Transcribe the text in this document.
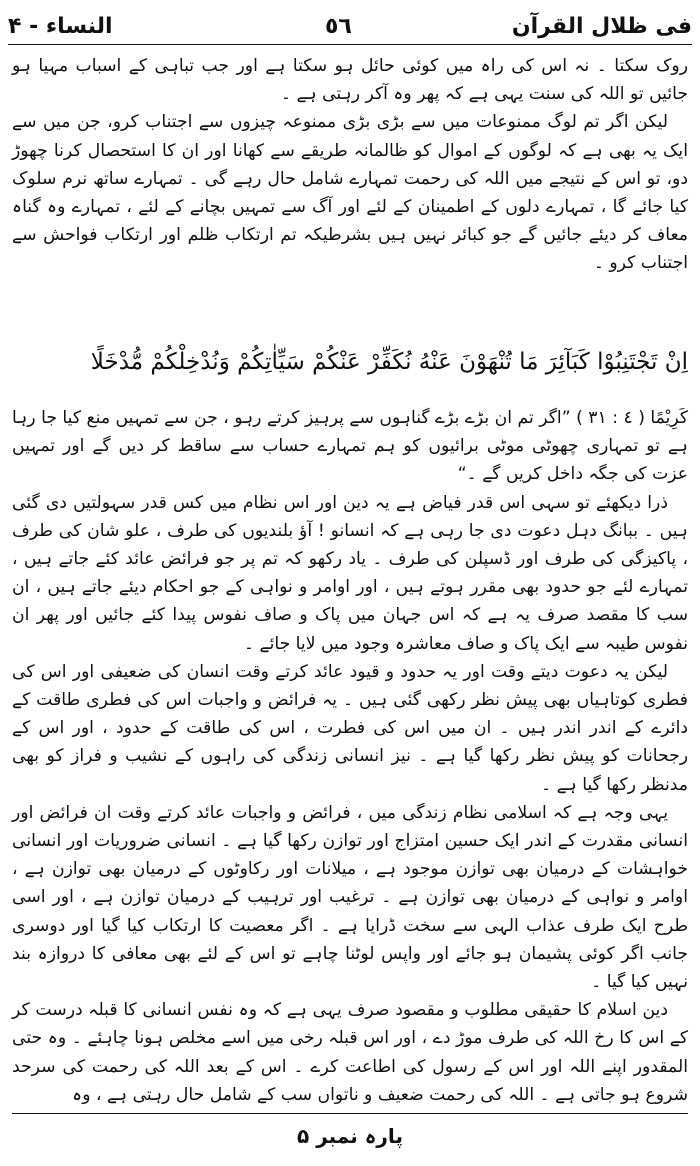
فی ظلال القرآن
٥٦
النساء - ۴

روک سکتا ۔ نہ اس کی راہ میں کوئی حائل ہو سکتا ہے اور جب تباہی کے اسباب مہیا ہو جائیں تو اللہ کی سنت یہی ہے کہ پھر وہ آکر رہتی ہے ۔

لیکن اگر تم لوگ ممنوعات میں سے بڑی بڑی ممنوعہ چیزوں سے اجتناب کرو، جن میں سے ایک یہ بھی ہے کہ لوگوں کے اموال کو ظالمانہ طریقے سے کھانا اور ان کا استحصال کرنا چھوڑ دو، تو اس کے نتیجے میں اللہ کی رحمت تمہارے شامل حال رہے گی ۔ تمہارے ساتھ نرم سلوک کیا جائے گا ، تمہارے دلوں کے اطمینان کے لئے اور آگ سے تمہیں بچانے کے لئے ، تمہارے وہ گناہ معاف کر دیئے جائیں گے جو کبائر نہیں ہیں بشرطیکہ تم ارتکاب ظلم اور ارتکاب فواحش سے اجتناب کرو ۔

اِنْ تَجْتَنِبُوْا كَبَآئِرَ مَا تُنْهَوْنَ عَنْهُ نُكَفِّرْ عَنْكُمْ سَيِّاٰتِكُمْ وَنُدْخِلْكُمْ مُّدْخَلًا

کَرِیْمًا ( ٤ : ٣١ ) ”اگر تم ان بڑے بڑے گناہوں سے پرہیز کرتے رہو ، جن سے تمہیں منع کیا جا رہا ہے تو تمہاری چھوٹی موٹی برائیوں کو ہم تمہارے حساب سے ساقط کر دیں گے اور تمہیں عزت کی جگہ داخل کریں گے ۔“

ذرا دیکھئے تو سہی اس قدر فیاض ہے یہ دین اور اس نظام میں کس قدر سہولتیں دی گئی ہیں ۔ ببانگ دہل دعوت دی جا رہی ہے کہ انسانو ! آؤ بلندیوں کی طرف ، علو شان کی طرف ، پاکیزگی کی طرف اور ڈسپلن کی طرف ۔ یاد رکھو کہ تم پر جو فرائض عائد کئے جاتے ہیں ، تمہارے لئے جو حدود بھی مقرر ہوتے ہیں ، اور اوامر و نواہی کے جو احکام دیئے جاتے ہیں ، ان سب کا مقصد صرف یہ ہے کہ اس جہان میں پاک و صاف نفوس پیدا کئے جائیں اور پھر ان نفوس طیبہ سے ایک پاک و صاف معاشرہ وجود میں لایا جائے ۔

لیکن یہ دعوت دیتے وقت اور یہ حدود و قیود عائد کرتے وقت انسان کی ضعیفی اور اس کی فطری کوتاہیاں بھی پیش نظر رکھی گئی ہیں ۔ یہ فرائض و واجبات اس کی فطری طاقت کے دائرے کے اندر اندر ہیں ۔ ان میں اس کی فطرت ، اس کی طاقت کے حدود ، اور اس کے رجحانات کو پیش نظر رکھا گیا ہے ۔ نیز انسانی زندگی کی راہوں کے نشیب و فراز کو بھی مدنظر رکھا گیا ہے ۔

یہی وجہ ہے کہ اسلامی نظام زندگی میں ، فرائض و واجبات عائد کرتے وقت ان فرائض اور انسانی مقدرت کے اندر ایک حسین امتزاج اور توازن رکھا گیا ہے ۔ انسانی ضروریات اور انسانی خواہشات کے درمیان بھی توازن موجود ہے ، میلانات اور رکاوٹوں کے درمیان بھی توازن ہے ، اوامر و نواہی کے درمیان بھی توازن ہے ۔ ترغیب اور ترہیب کے درمیان توازن ہے ، اور اسی طرح ایک طرف عذاب الہی سے سخت ڈرایا ہے ۔ اگر معصیت کا ارتکاب کیا گیا اور دوسری جانب اگر کوئی پشیمان ہو جائے اور واپس لوٹنا چاہے تو اس کے لئے بھی معافی کا دروازہ بند نہیں کیا گیا ۔

دین اسلام کا حقیقی مطلوب و مقصود صرف یہی ہے کہ وہ نفس انسانی کا قبلہ درست کر کے اس کا رخ اللہ کی طرف موڑ دے ، اور اس قبلہ رخی میں اسے مخلص ہونا چاہئے ۔ وہ حتی المقدور اپنے اللہ اور اس کے رسول کی اطاعت کرے ۔ اس کے بعد اللہ کی رحمت کی سرحد شروع ہو جاتی ہے ۔ اللہ کی رحمت ضعیف و ناتواں سب کے شامل حال رہتی ہے ، وہ

پارہ نمبر ۵
